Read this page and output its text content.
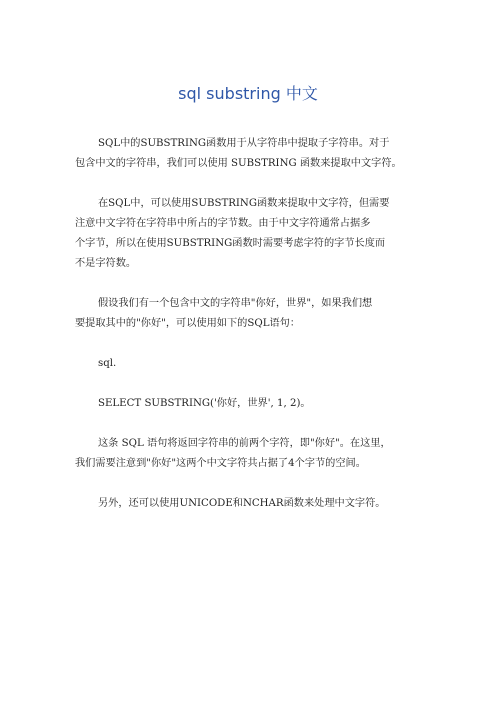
sql substring 中文
SQL中的SUBSTRING函数用于从字符串中提取子字符串。对于
包含中文的字符串，我们可以使用 SUBSTRING 函数来提取中文字符。
在SQL中，可以使用SUBSTRING函数来提取中文字符，但需要
注意中文字符在字符串中所占的字节数。由于中文字符通常占据多
个字节，所以在使用SUBSTRING函数时需要考虑字符的字节长度而
不是字符数。
假设我们有一个包含中文的字符串"你好，世界"，如果我们想
要提取其中的"你好"，可以使用如下的SQL语句：
sql.
SELECT SUBSTRING('你好，世界', 1, 2)。
这条 SQL 语句将返回字符串的前两个字符，即"你好"。在这里，
我们需要注意到"你好"这两个中文字符共占据了4个字节的空间。
另外，还可以使用UNICODE和NCHAR函数来处理中文字符。
